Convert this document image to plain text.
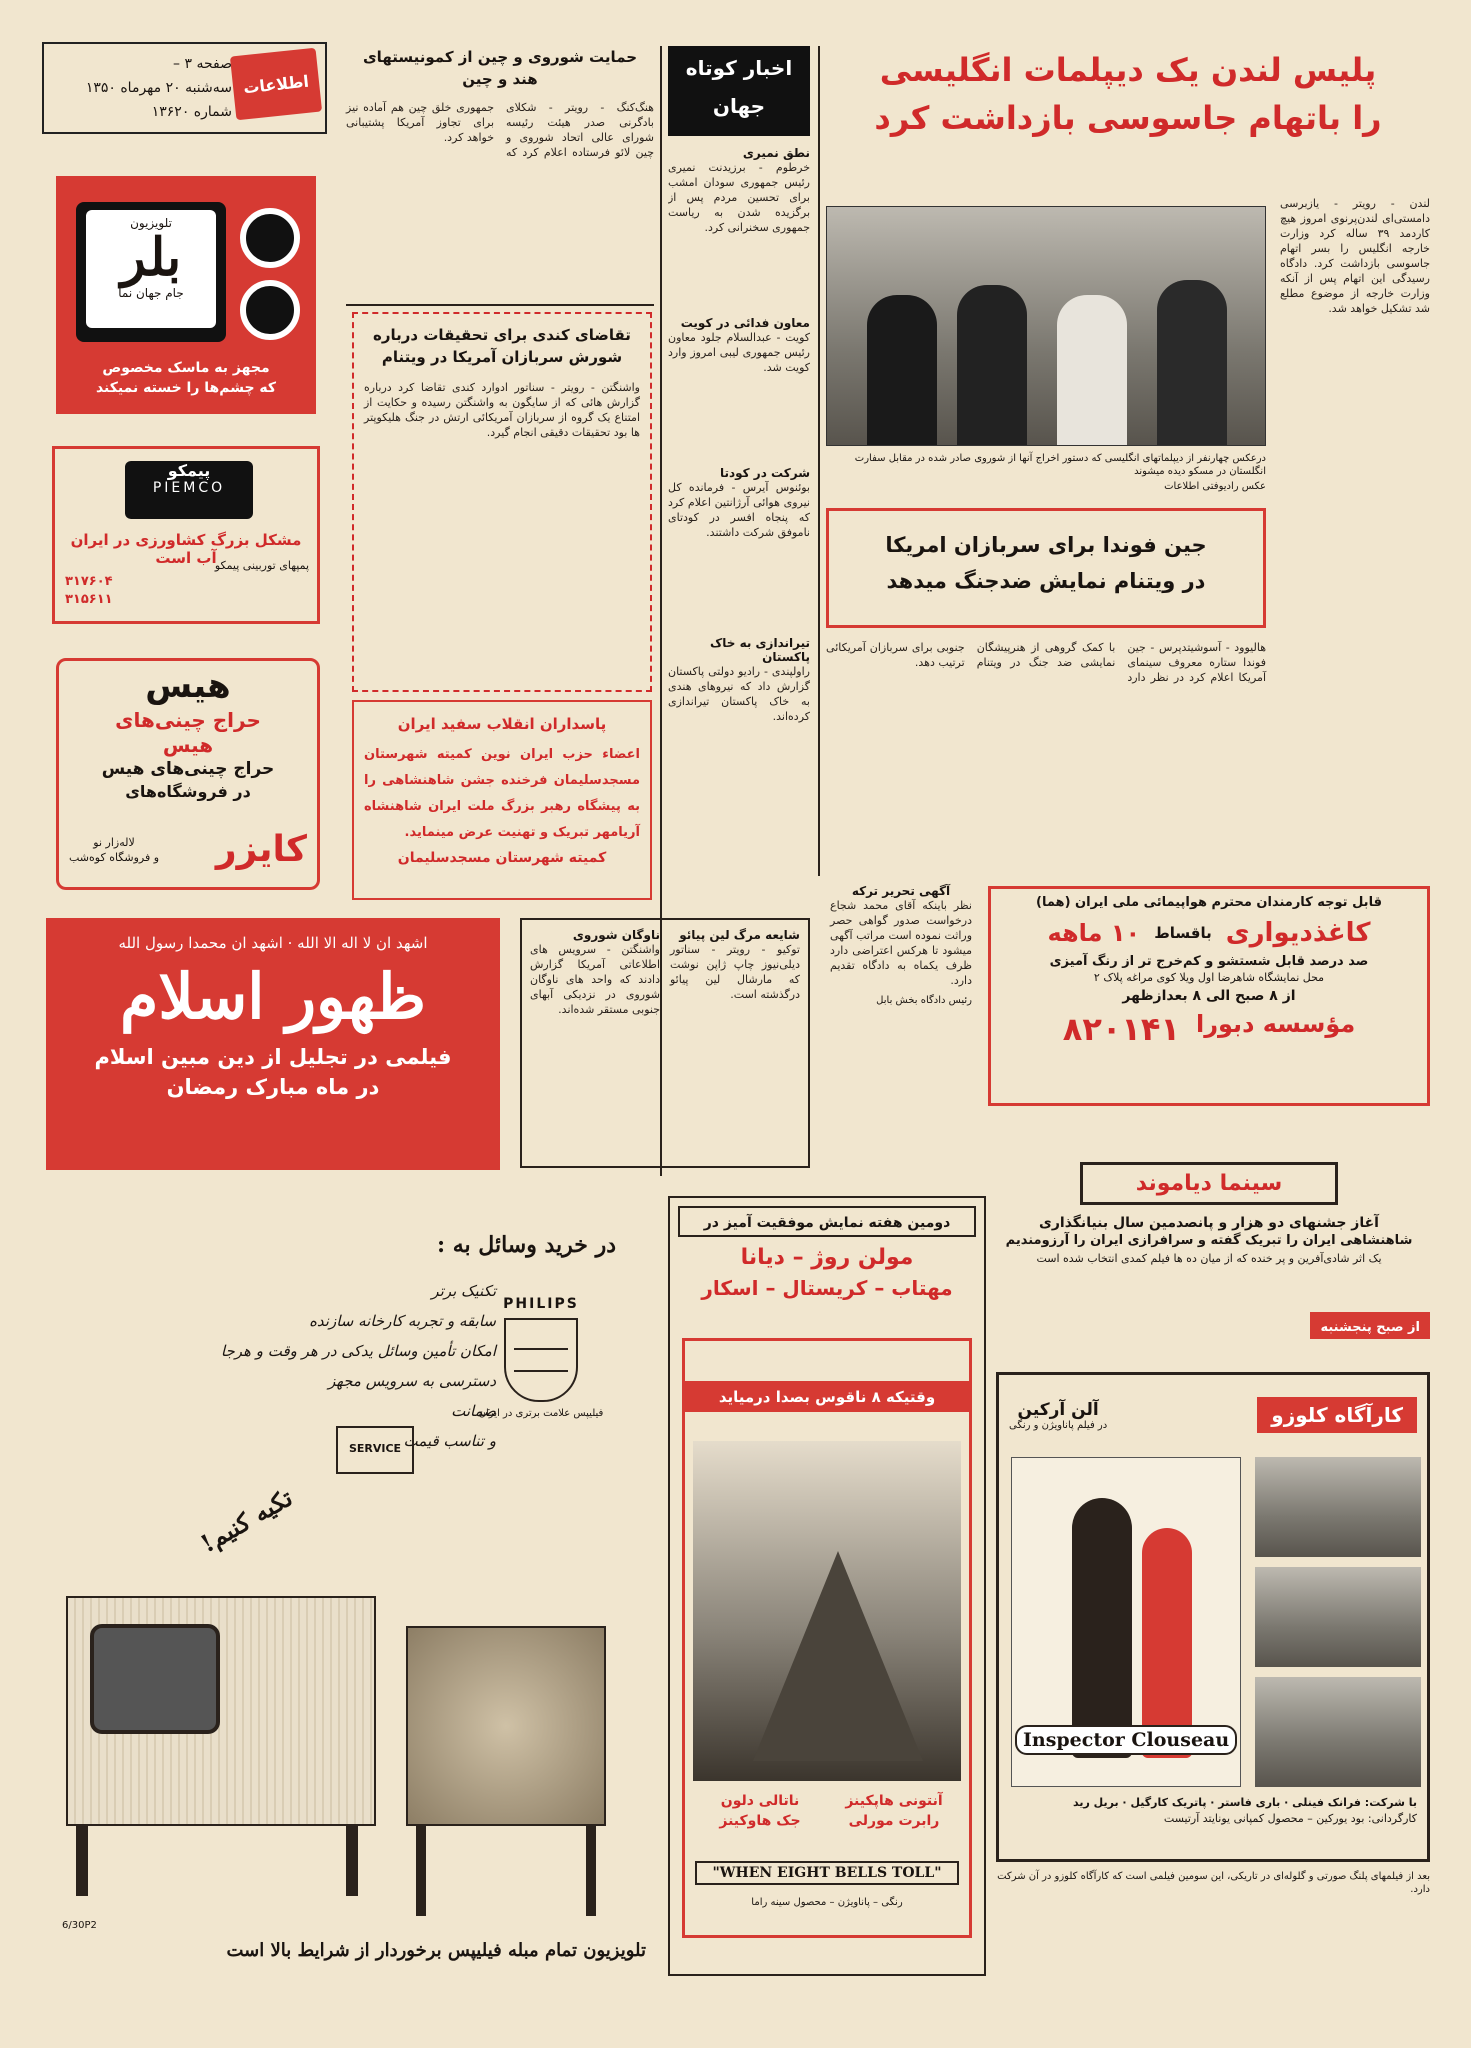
اطلاعات
صفحه ۳ –
سه‌شنبه ۲۰ مهرماه ۱۳۵۰
شماره ۱۳۶۲۰
تلویزیون
بلر
جام جهان نما
مجهز به ماسک مخصوص
که چشم‌ها را خسته نمیکند
پیمکو
PIEMCO
مشکل بزرگ کشاورزی در ایران آب است
پمپهای توربینی پیمکو
۳۱۷۶۰۴
۳۱۵۶۱۱
هیس
حراج چینی‌های
هیس
حراج چینی‌های هیس
در فروشگاه‌های
کایزر
لاله‌زار نو
و فروشگاه کوه‌شب
اشهد ان لا اله الا الله · اشهد ان محمدا رسول الله
ظهور اسلام
فیلمی در تجلیل از دین مبین اسلام
در ماه مبارک رمضان
حمایت شوروی و چین از کمونیستهای
هند و چین

هنگ‌کنگ - رویتر - شکلای بادگرنی صدر هیئت رئیسه شورای عالی اتحاد شوروی و چین لائو فرستاده اعلام کرد که جمهوری خلق چین هم آماده نیز برای تجاوز آمریکا پشتیبانی خواهد کرد.

تقاضای کندی برای تحقیقات درباره
شورش سربازان آمریکا در ویتنام

واشنگتن - رویتر - سناتور ادوارد کندی تقاضا کرد درباره گزارش هائی که از سایگون به واشنگتن رسیده و حکایت از امتناع یک گروه از سربازان آمریکائی ارتش در جنگ هلیکوپتر ها بود تحقیقات دقیقی انجام گیرد.

پاسداران انقلاب سفید ایران

اعضاء حزب ایران نوین کمیته شهرستان مسجدسلیمان فرخنده جشن شاهنشاهی را به پیشگاه رهبر بزرگ ملت ایران شاهنشاه آریامهر تبریک و تهنیت عرض مینماید.

کمیته شهرستان مسجدسلیمان
اخبار کوتاه
جهان
نطق نمیری

خرطوم - برزیدنت نمیری رئیس جمهوری سودان امشب برای تحسین مردم پس از برگزیده شدن به ریاست جمهوری سخنرانی کرد.

معاون فدائی در کویت

کویت - عبدالسلام جلود معاون رئیس جمهوری لیبی امروز وارد کویت شد.

شرکت در کودتا

بوئنوس آیرس - فرمانده کل نیروی هوائی آرژانتین اعلام کرد که پنجاه افسر در کودتای ناموفق شرکت داشتند.

تیراندازی به خاک پاکستان

راولپندی - رادیو دولتی پاکستان گزارش داد که نیروهای هندی به خاک پاکستان تیراندازی کرده‌اند.

ناوگان شوروی

واشنگتن - سرویس های اطلاعاتی آمریکا گزارش دادند که واحد های ناوگان شوروی در نزدیکی آبهای جنوبی مستقر شده‌اند.

شایعه مرگ لین پیائو

توکیو - رویتر - سناتور دیلی‌نیوز چاپ ژاپن نوشت که مارشال لین پیائو درگذشته است.

پلیس لندن یک دیپلمات انگلیسی
را باتهام جاسوسی بازداشت کرد

درعکس چهارنفر از دیپلماتهای انگلیسی که دستور اخراج آنها از شوروی صادر شده در مقابل سفارت انگلستان در مسکو دیده میشوند

عکس رادیوفتی اطلاعات

لندن - رویتر - یازبرسی دامستی‌ای لندن‌پرنوی امروز هیچ کاردمد ۳۹ ساله کرد وزارت خارجه انگلیس را بسر اتهام جاسوسی بازداشت کرد. دادگاه رسیدگی این اتهام پس از آنکه وزارت خارجه از موضوع مطلع شد تشکیل خواهد شد.

جین فوندا برای سربازان امریکا
در ویتنام نمایش ضدجنگ میدهد

هالیوود - آسوشیتدپرس - جین فوندا ستاره معروف سینمای آمریکا اعلام کرد در نظر دارد با کمک گروهی از هنرپیشگان نمایشی ضد جنگ در ویتنام جنوبی برای سربازان آمریکائی ترتیب دهد.

آگهی تحریر ترکه

نظر باینکه آقای محمد شجاع درخواست صدور گواهی حصر وراثت نموده است مراتب آگهی میشود تا هرکس اعتراضی دارد ظرف یکماه به دادگاه تقدیم دارد.

رئیس دادگاه بخش بابل
قابل توجه کارمندان محترم هواپیمائی ملی ایران (هما)
کاغذدیواری
باقساط
۱۰ ماهه
صد درصد قابل شستشو و کم‌خرج تر از رنگ آمیزی
محل نمایشگاه شاهرضا اول ویلا کوی مراغه پلاک ۲
از ۸ صبح الی ۸ بعدازظهر
مؤسسه دبورا
۸۲۰۱۴۱
سینما دیاموند
آغاز جشنهای دو هزار و پانصدمین سال بنیانگذاری
شاهنشاهی ایران را تبریک گفته و سرافرازی ایران را آرزومندیم
یک اثر شادی‌آفرین و پر خنده که از میان ده ها فیلم کمدی انتخاب شده است
از صبح پنجشنبه
کارآگاه کلوزو
آلن آرکین
در فیلم پاناویژن و رنگی
Inspector Clouseau
با شرکت: فرانک فینلی · باری فاستر · پاتریک کارگیل · بریل رید
کارگردانی: بود یورکین – محصول کمپانی یونایتد آرتیست

بعد از فیلمهای پلنگ صورتی و گلوله‌ای در تاریکی، این سومین فیلمی است که کارآگاه کلوزو در آن شرکت دارد.

دومین هفته نمایش موفقیت آمیز در
مولن روژ – دیانا
مهتاب – کریستال – اسکار
وقتیکه ۸ ناقوس بصدا درمیاید
آنتونی هاپکینز
ناتالی دلون
رابرت مورلی
جک هاوکینز
"WHEN EIGHT BELLS TOLL"
رنگی – پاناویژن – محصول سینه راما
در خرید وسائل به :
تکنیک برتر
سابقه و تجربه کارخانه سازنده
امکان تأمین وسائل یدکی در هر وقت و هرجا
دسترسی به سرویس مجهز
ضمانت
و تناسب قیمت
تکیه کنیم!
PHILIPS
فیلیپس علامت برتری در ایران
SERVICE
6/30P2
تلویزیون تمام مبله فیلیپس برخوردار از شرایط بالا است
